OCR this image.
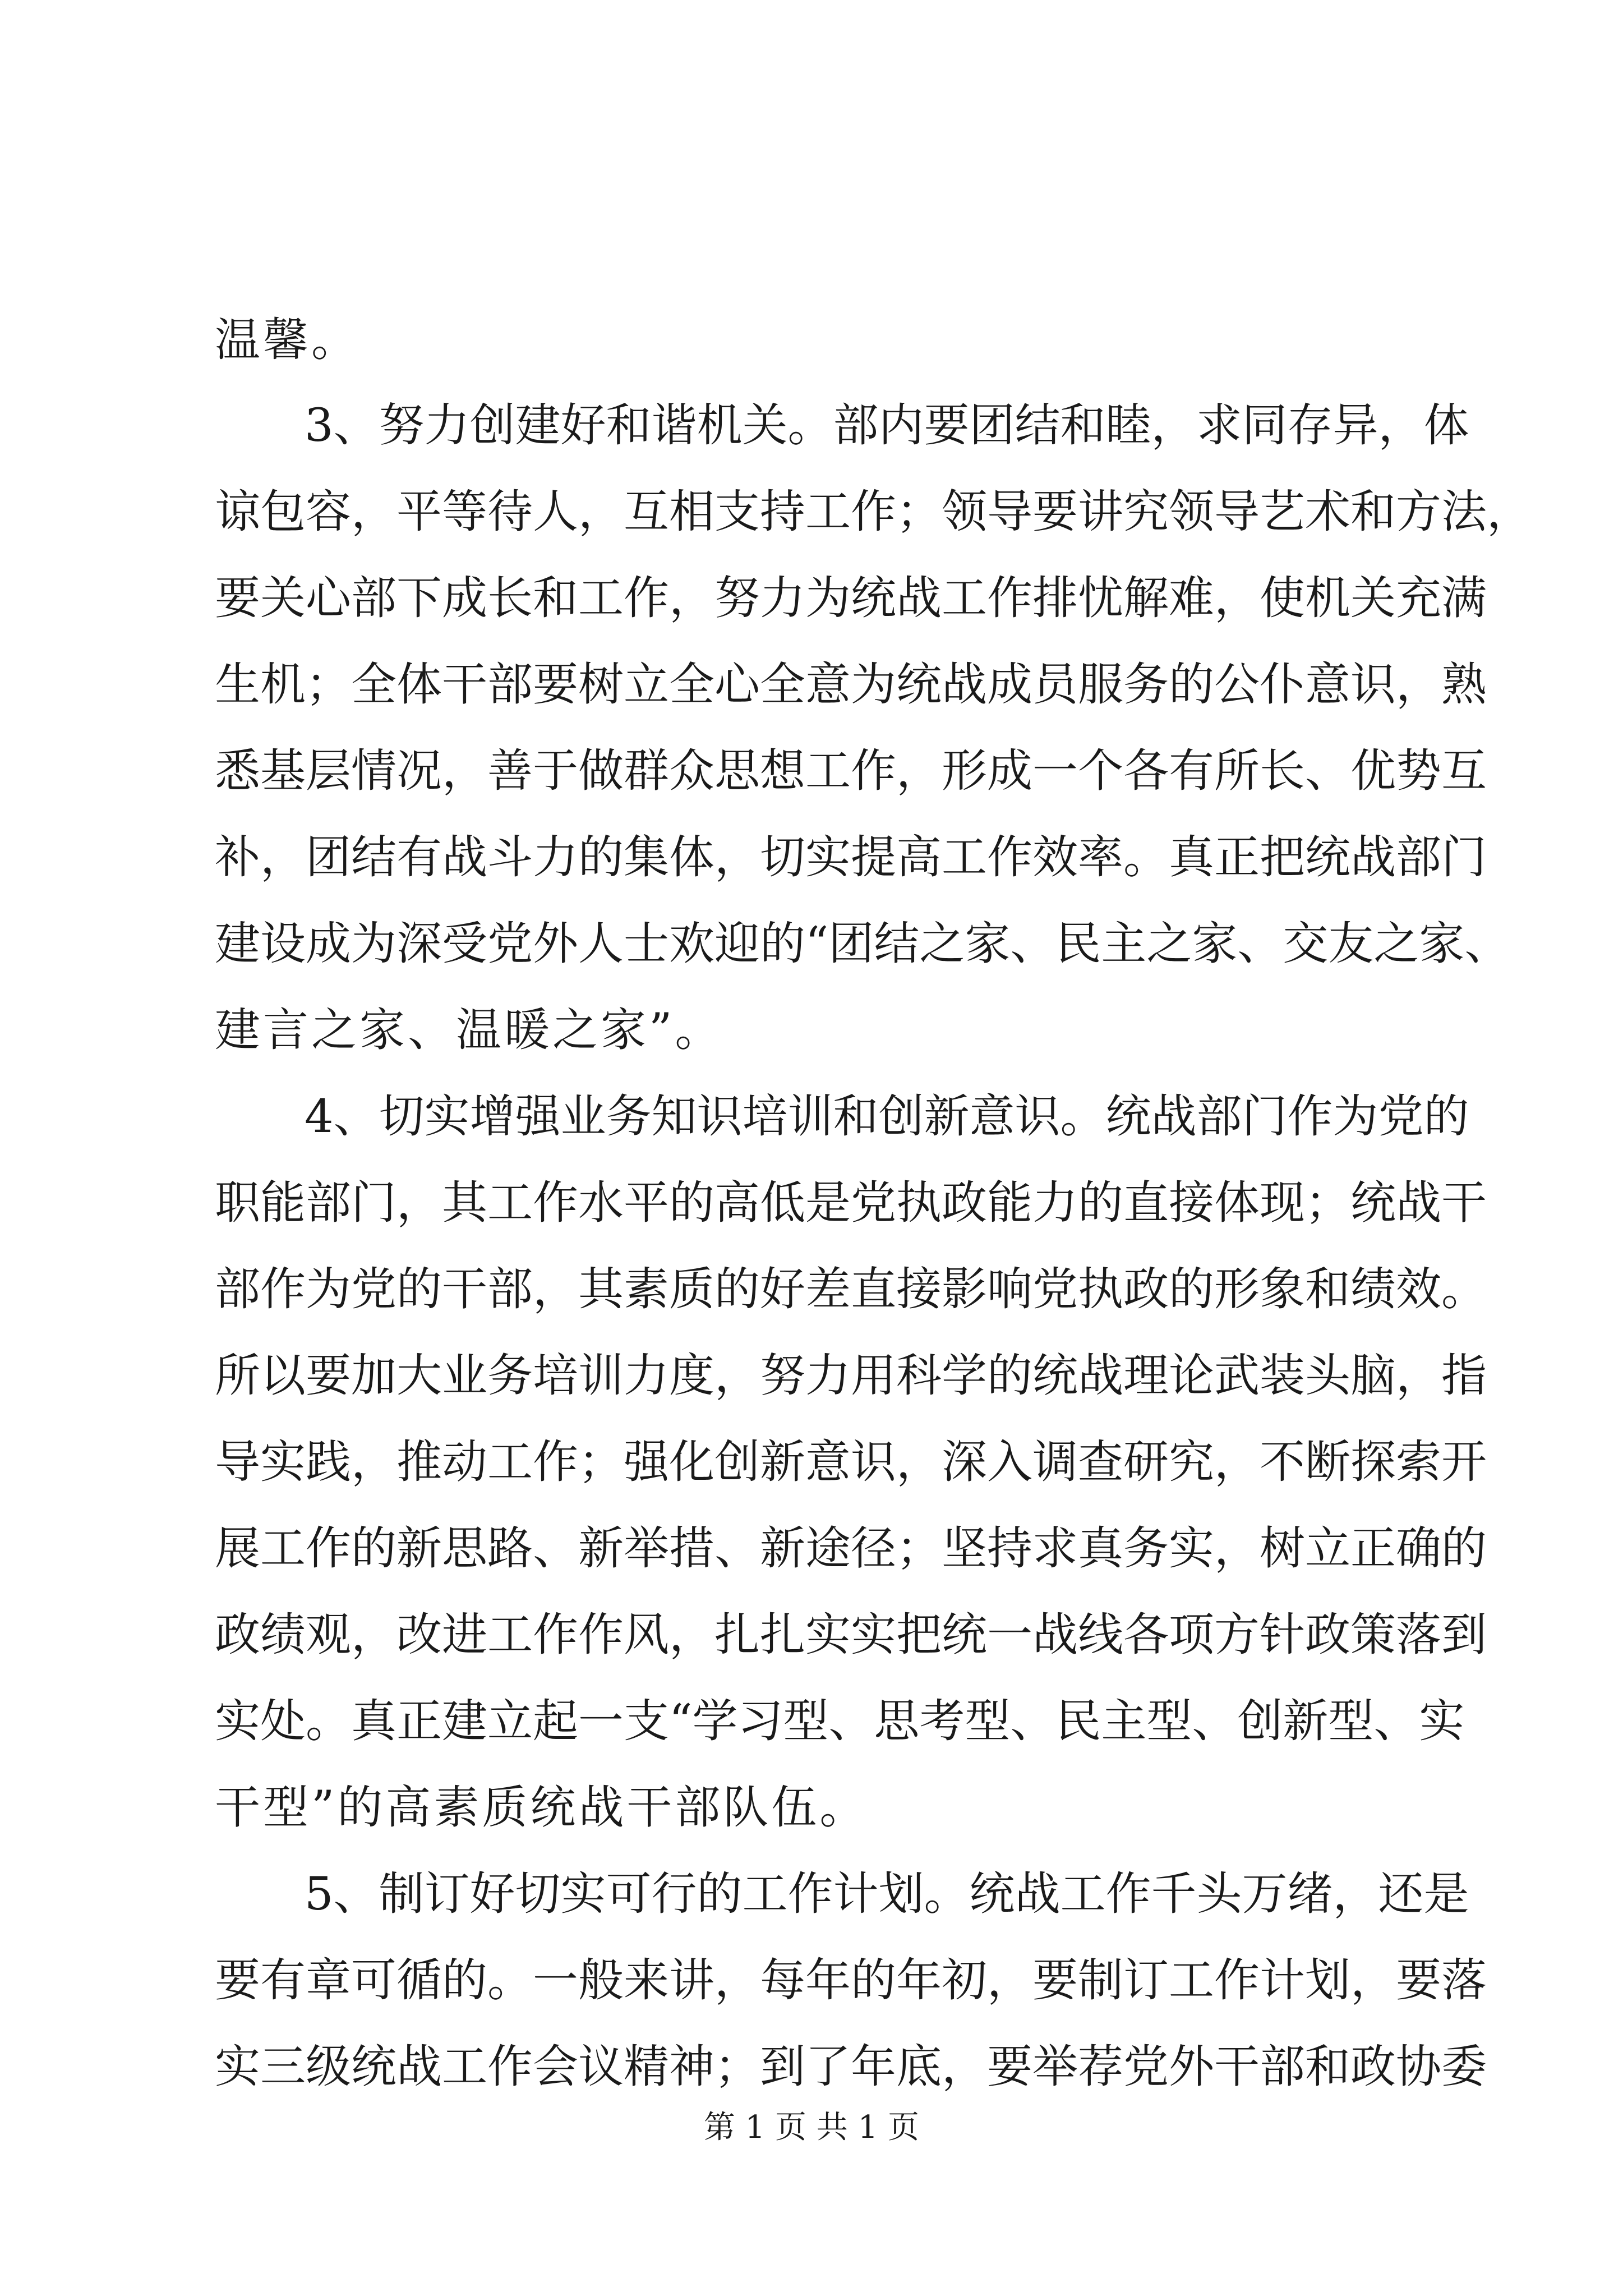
温馨。

3、努力创建好和谐机关。部内要团结和睦，求同存异，体

谅包容，平等待人，互相支持工作；领导要讲究领导艺术和方法，

要关心部下成长和工作，努力为统战工作排忧解难，使机关充满

生机；全体干部要树立全心全意为统战成员服务的公仆意识，熟

悉基层情况，善于做群众思想工作，形成一个各有所长、优势互

补，团结有战斗力的集体，切实提高工作效率。真正把统战部门

建设成为深受党外人士欢迎的“团结之家、民主之家、交友之家、

建言之家、温暖之家”。

4、切实增强业务知识培训和创新意识。统战部门作为党的

职能部门，其工作水平的高低是党执政能力的直接体现；统战干

部作为党的干部，其素质的好差直接影响党执政的形象和绩效。

所以要加大业务培训力度，努力用科学的统战理论武装头脑，指

导实践，推动工作；强化创新意识，深入调查研究，不断探索开

展工作的新思路、新举措、新途径；坚持求真务实，树立正确的

政绩观，改进工作作风，扎扎实实把统一战线各项方针政策落到

实处。真正建立起一支“学习型、思考型、民主型、创新型、实

干型”的高素质统战干部队伍。

5、制订好切实可行的工作计划。统战工作千头万绪，还是

要有章可循的。一般来讲，每年的年初，要制订工作计划，要落

实三级统战工作会议精神；到了年底，要举荐党外干部和政协委

第 1 页 共 1 页
